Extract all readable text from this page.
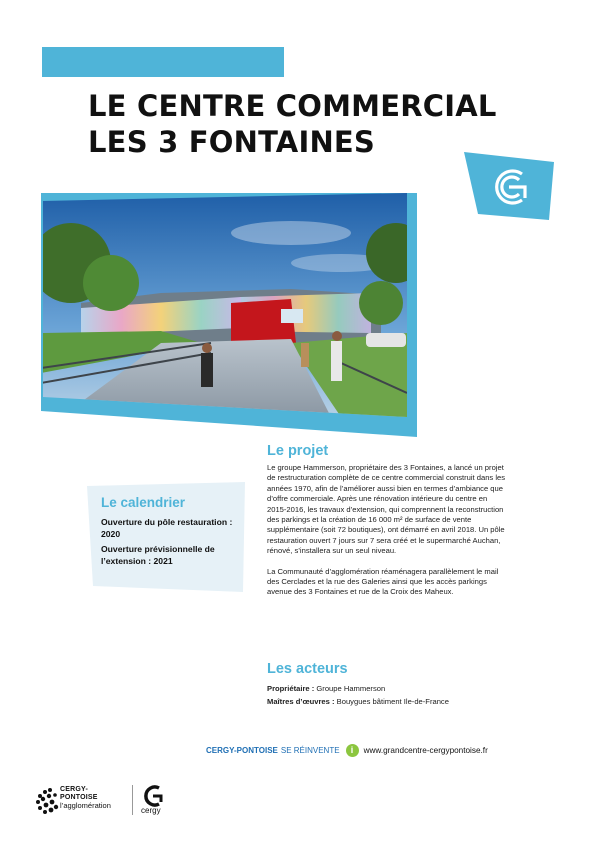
LE CENTRE COMMERCIAL
LES 3 FONTAINES
Le projet

Le groupe Hammerson, propriétaire des 3 Fontaines, a lancé un projet de restructuration complète de ce centre commercial construit dans les années 1970, afin de l’améliorer aussi bien en termes d’ambiance que d’offre commerciale. Après une rénovation intérieure du centre en 2015-2016, les travaux d’extension, qui comprennent la reconstruction des parkings et la création de 16 000 m² de surface de vente supplémentaire (soit 72 boutiques), ont démarré en avril 2018. Un pôle restauration ouvert 7 jours sur 7 sera créé et le supermarché Auchan, rénové, s’installera sur un seul niveau.

La Communauté d’agglomération réaménagera parallèlement le mail des Cerclades et la rue des Galeries ainsi que les accès parkings avenue des 3 Fontaines et rue de la Croix des Maheux.

Le calendrier
Ouverture du pôle restauration : 2020
Ouverture prévisionnelle de l’extension : 2021
Les acteurs
Propriétaire : Groupe Hammerson
Maîtres d’œuvres : Bouygues bâtiment Ile-de-France
CERGY-PONTOISE SE RÉINVENTE	i	www.grandcentre-cergypontoise.fr
CERGY-
PONTOISE
l’agglomération
cergy
